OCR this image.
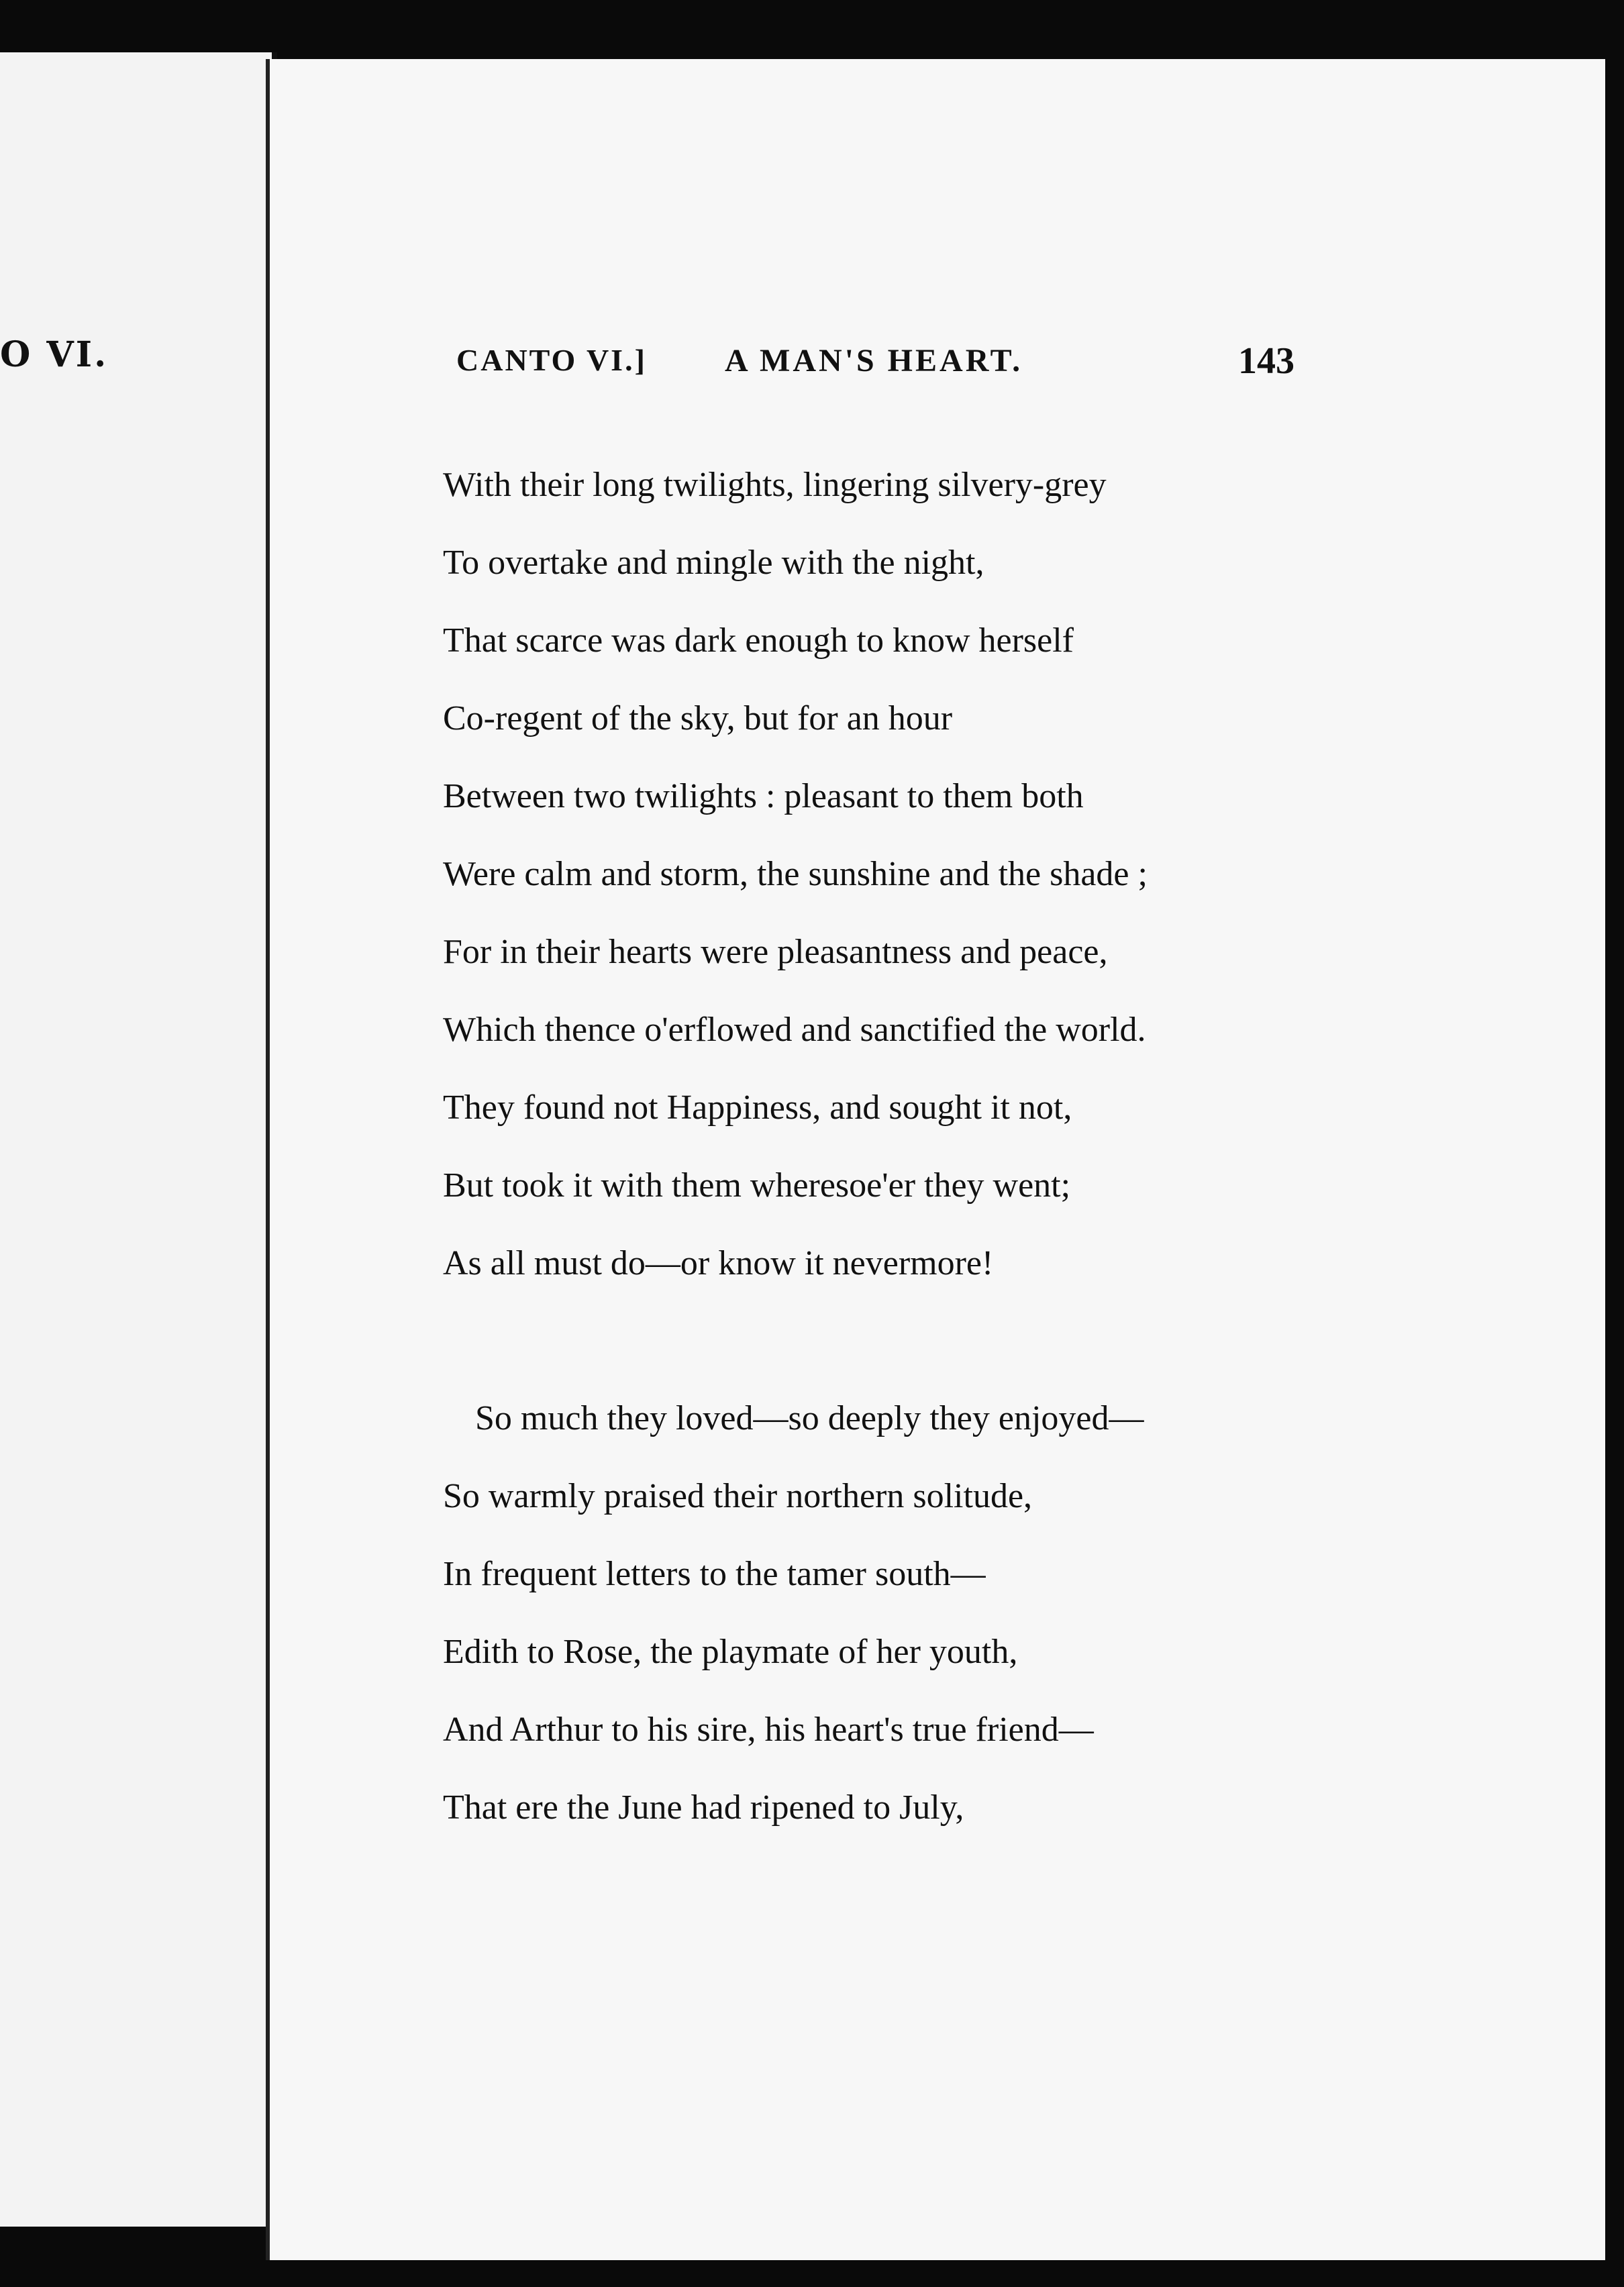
O VI.	CANTO VI.] A MAN'S HEART.	143
With their long twilights, lingering silvery-grey
To overtake and mingle with the night,
That scarce was dark enough to know herself
Co-regent of the sky, but for an hour
Between two twilights : pleasant to them both
Were calm and storm, the sunshine and the shade ;
For in their hearts were pleasantness and peace,
Which thence o'erflowed and sanctified the world.
They found not Happiness, and sought it not,
But took it with them wheresoe'er they went;
As all must do—or know it nevermore!
So much they loved—so deeply they enjoyed—
So warmly praised their northern solitude,
In frequent letters to the tamer south—
Edith to Rose, the playmate of her youth,
And Arthur to his sire, his heart's true friend—
That ere the June had ripened to July,
